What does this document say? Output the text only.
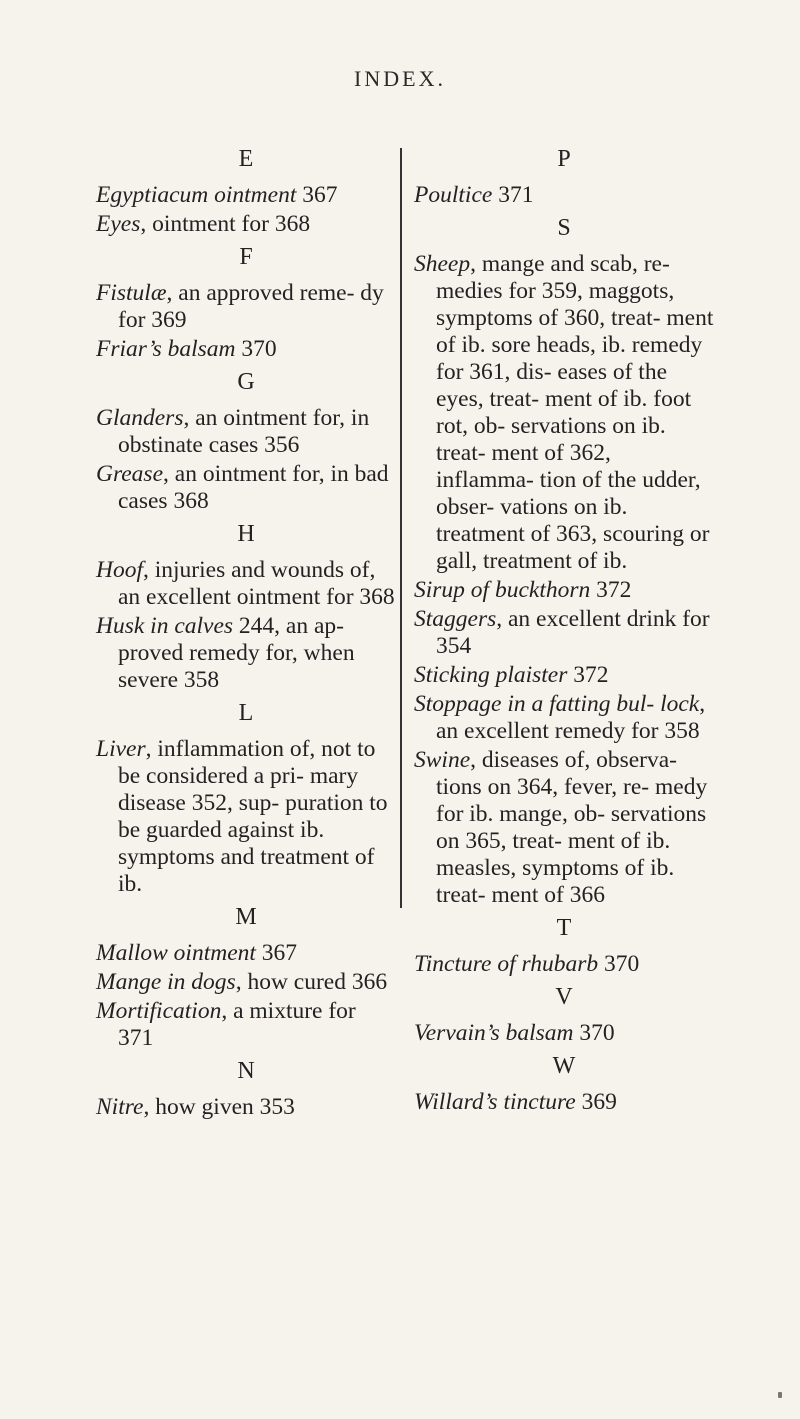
INDEX.
E
Egyptiacum ointment 367
Eyes, ointment for 368
F
Fistulæ, an approved reme- dy for 369
Friar’s balsam 370
G
Glanders, an ointment for, in obstinate cases 356
Grease, an ointment for, in bad cases 368
H
Hoof, injuries and wounds of, an excellent ointment for 368
Husk in calves 244, an ap- proved remedy for, when severe 358
L
Liver, inflammation of, not to be considered a pri- mary disease 352, sup- puration to be guarded against ib. symptoms and treatment of ib.
M
Mallow ointment 367
Mange in dogs, how cured 366
Mortification, a mixture for 371
N
Nitre, how given 353
P
Poultice 371
S
Sheep, mange and scab, re- medies for 359, maggots, symptoms of 360, treat- ment of ib. sore heads, ib. remedy for 361, dis- eases of the eyes, treat- ment of ib. foot rot, ob- servations on ib. treat- ment of 362, inflamma- tion of the udder, obser- vations on ib. treatment of 363, scouring or gall, treatment of ib.
Sirup of buckthorn 372
Staggers, an excellent drink for 354
Sticking plaister 372
Stoppage in a fatting bul- lock, an excellent remedy for 358
Swine, diseases of, observa- tions on 364, fever, re- medy for ib. mange, ob- servations on 365, treat- ment of ib. measles, symptoms of ib. treat- ment of 366
T
Tincture of rhubarb 370
V
Vervain’s balsam 370
W
Willard’s tincture 369
